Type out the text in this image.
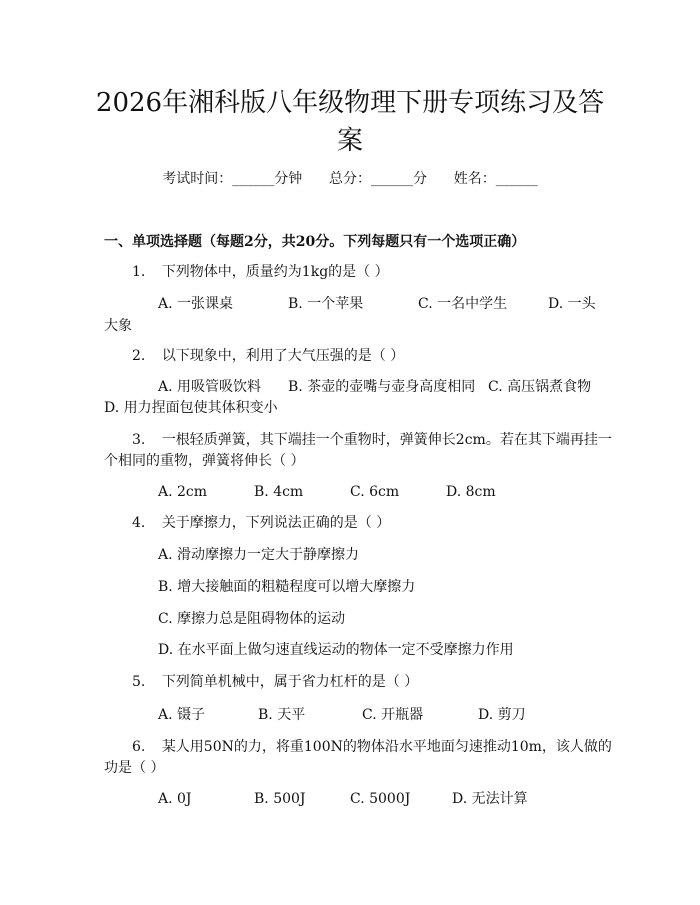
2026年湘科版八年级物理下册专项练习及答
案
考试时间：______分钟      总分：______分      姓名：______
一、单项选择题（每题2分，共20分。下列每题只有一个选项正确）
1. 下列物体中，质量约为1kg的是（ ）
A. 一张课桌	B. 一个苹果	C. 一名中学生	D. 一头
大象
2. 以下现象中，利用了大气压强的是（ ）
A. 用吸管吸饮料 B. 茶壶的壶嘴与壶身高度相同 C. 高压锅煮食物
D. 用力捏面包使其体积变小
3. 一根轻质弹簧，其下端挂一个重物时，弹簧伸长2cm。若在其下端再挂一
个相同的重物，弹簧将伸长（ ）
A. 2cm	B. 4cm	C. 6cm	D. 8cm
4. 关于摩擦力，下列说法正确的是（ ）
A. 滑动摩擦力一定大于静摩擦力
B. 增大接触面的粗糙程度可以增大摩擦力
C. 摩擦力总是阻碍物体的运动
D. 在水平面上做匀速直线运动的物体一定不受摩擦力作用
5. 下列简单机械中，属于省力杠杆的是（ ）
A. 镊子	B. 天平	C. 开瓶器	D. 剪刀
6. 某人用50N的力，将重100N的物体沿水平地面匀速推动10m，该人做的
功是（ ）
A. 0J	B. 500J	C. 5000J	D. 无法计算
